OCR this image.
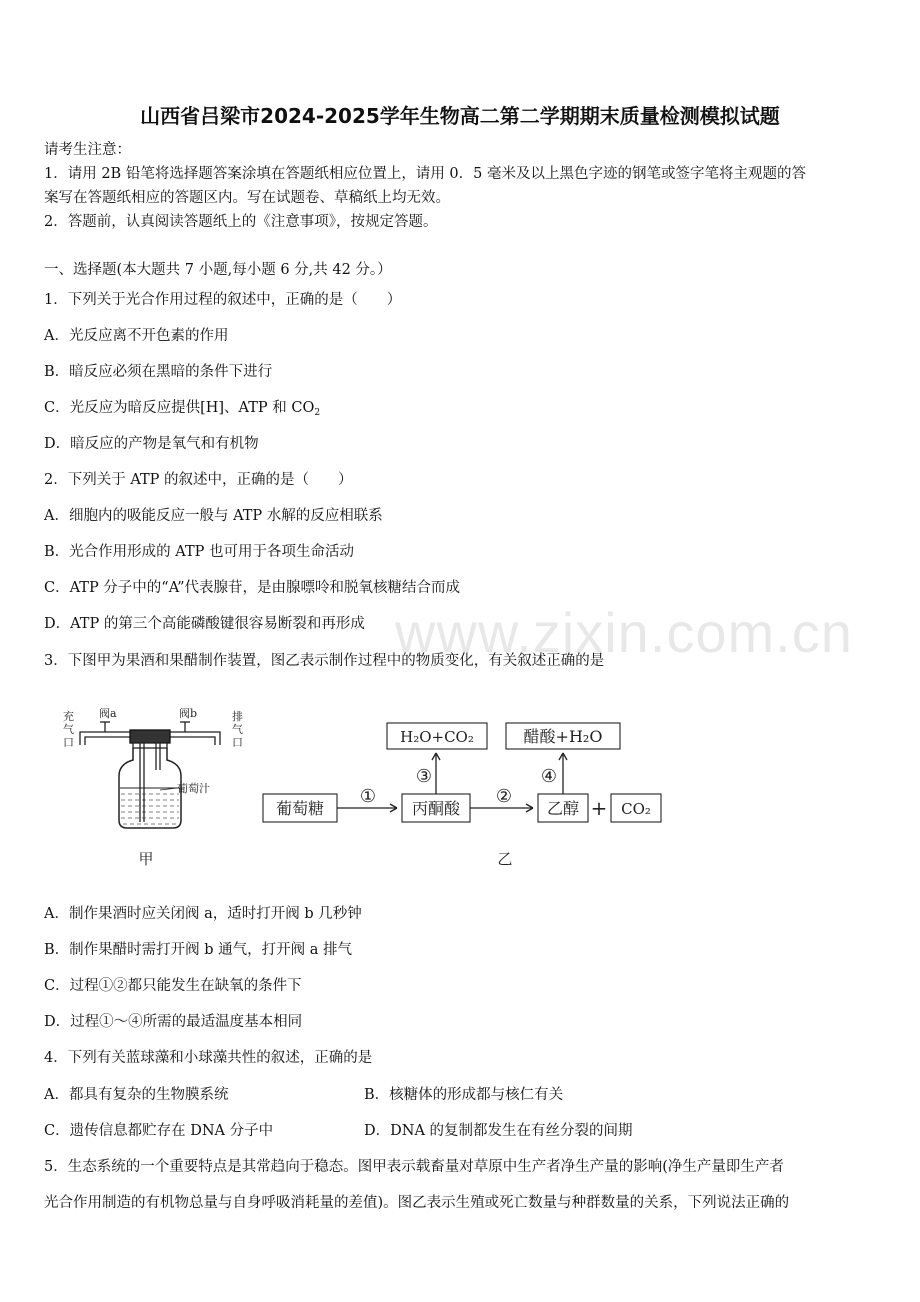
山西省吕梁市2024-2025学年生物高二第二学期期末质量检测模拟试题
请考生注意：
1．请用 2B 铅笔将选择题答案涂填在答题纸相应位置上，请用 0．5 毫米及以上黑色字迹的钢笔或签字笔将主观题的答
案写在答题纸相应的答题区内。写在试题卷、草稿纸上均无效。
2．答题前，认真阅读答题纸上的《注意事项》，按规定答题。
一、选择题(本大题共 7 小题,每小题 6 分,共 42 分。）
1．下列关于光合作用过程的叙述中，正确的是（　　）
A．光反应离不开色素的作用
B．暗反应必须在黑暗的条件下进行
C．光反应为暗反应提供[H]、ATP 和 $CO_2$
D．暗反应的产物是氧气和有机物
2．下列关于 ATP 的叙述中，正确的是（　　）
A．细胞内的吸能反应一般与 ATP 水解的反应相联系
B．光合作用形成的 ATP 也可用于各项生命活动
C．ATP 分子中的“A”代表腺苷，是由腺嘌呤和脱氧核糖结合而成
D．ATP 的第三个高能磷酸键很容易断裂和再形成 www.zixin.com.cn
3．下图甲为果酒和果醋制作装置，图乙表示制作过程中的物质变化，有关叙述正确的是
阀a	阀b
葡萄汁
充
气
口
排
气
口
葡萄糖	丙酮酸	乙醇	CO₂
H₂O+CO₂	醋酸+H₂O
+
①	②
③	④
甲	乙
A．制作果酒时应关闭阀 a，适时打开阀 b 几秒钟
B．制作果醋时需打开阀 b 通气，打开阀 a 排气
C．过程①②都只能发生在缺氧的条件下
D．过程①～④所需的最适温度基本相同
4．下列有关蓝球藻和小球藻共性的叙述，正确的是
A．都具有复杂的生物膜系统	B．核糖体的形成都与核仁有关
C．遗传信息都贮存在 DNA 分子中	D．DNA 的复制都发生在有丝分裂的间期
5．生态系统的一个重要特点是其常趋向于稳态。图甲表示载畜量对草原中生产者净生产量的影响(净生产量即生产者
光合作用制造的有机物总量与自身呼吸消耗量的差值)。图乙表示生殖或死亡数量与种群数量的关系，下列说法正确的
